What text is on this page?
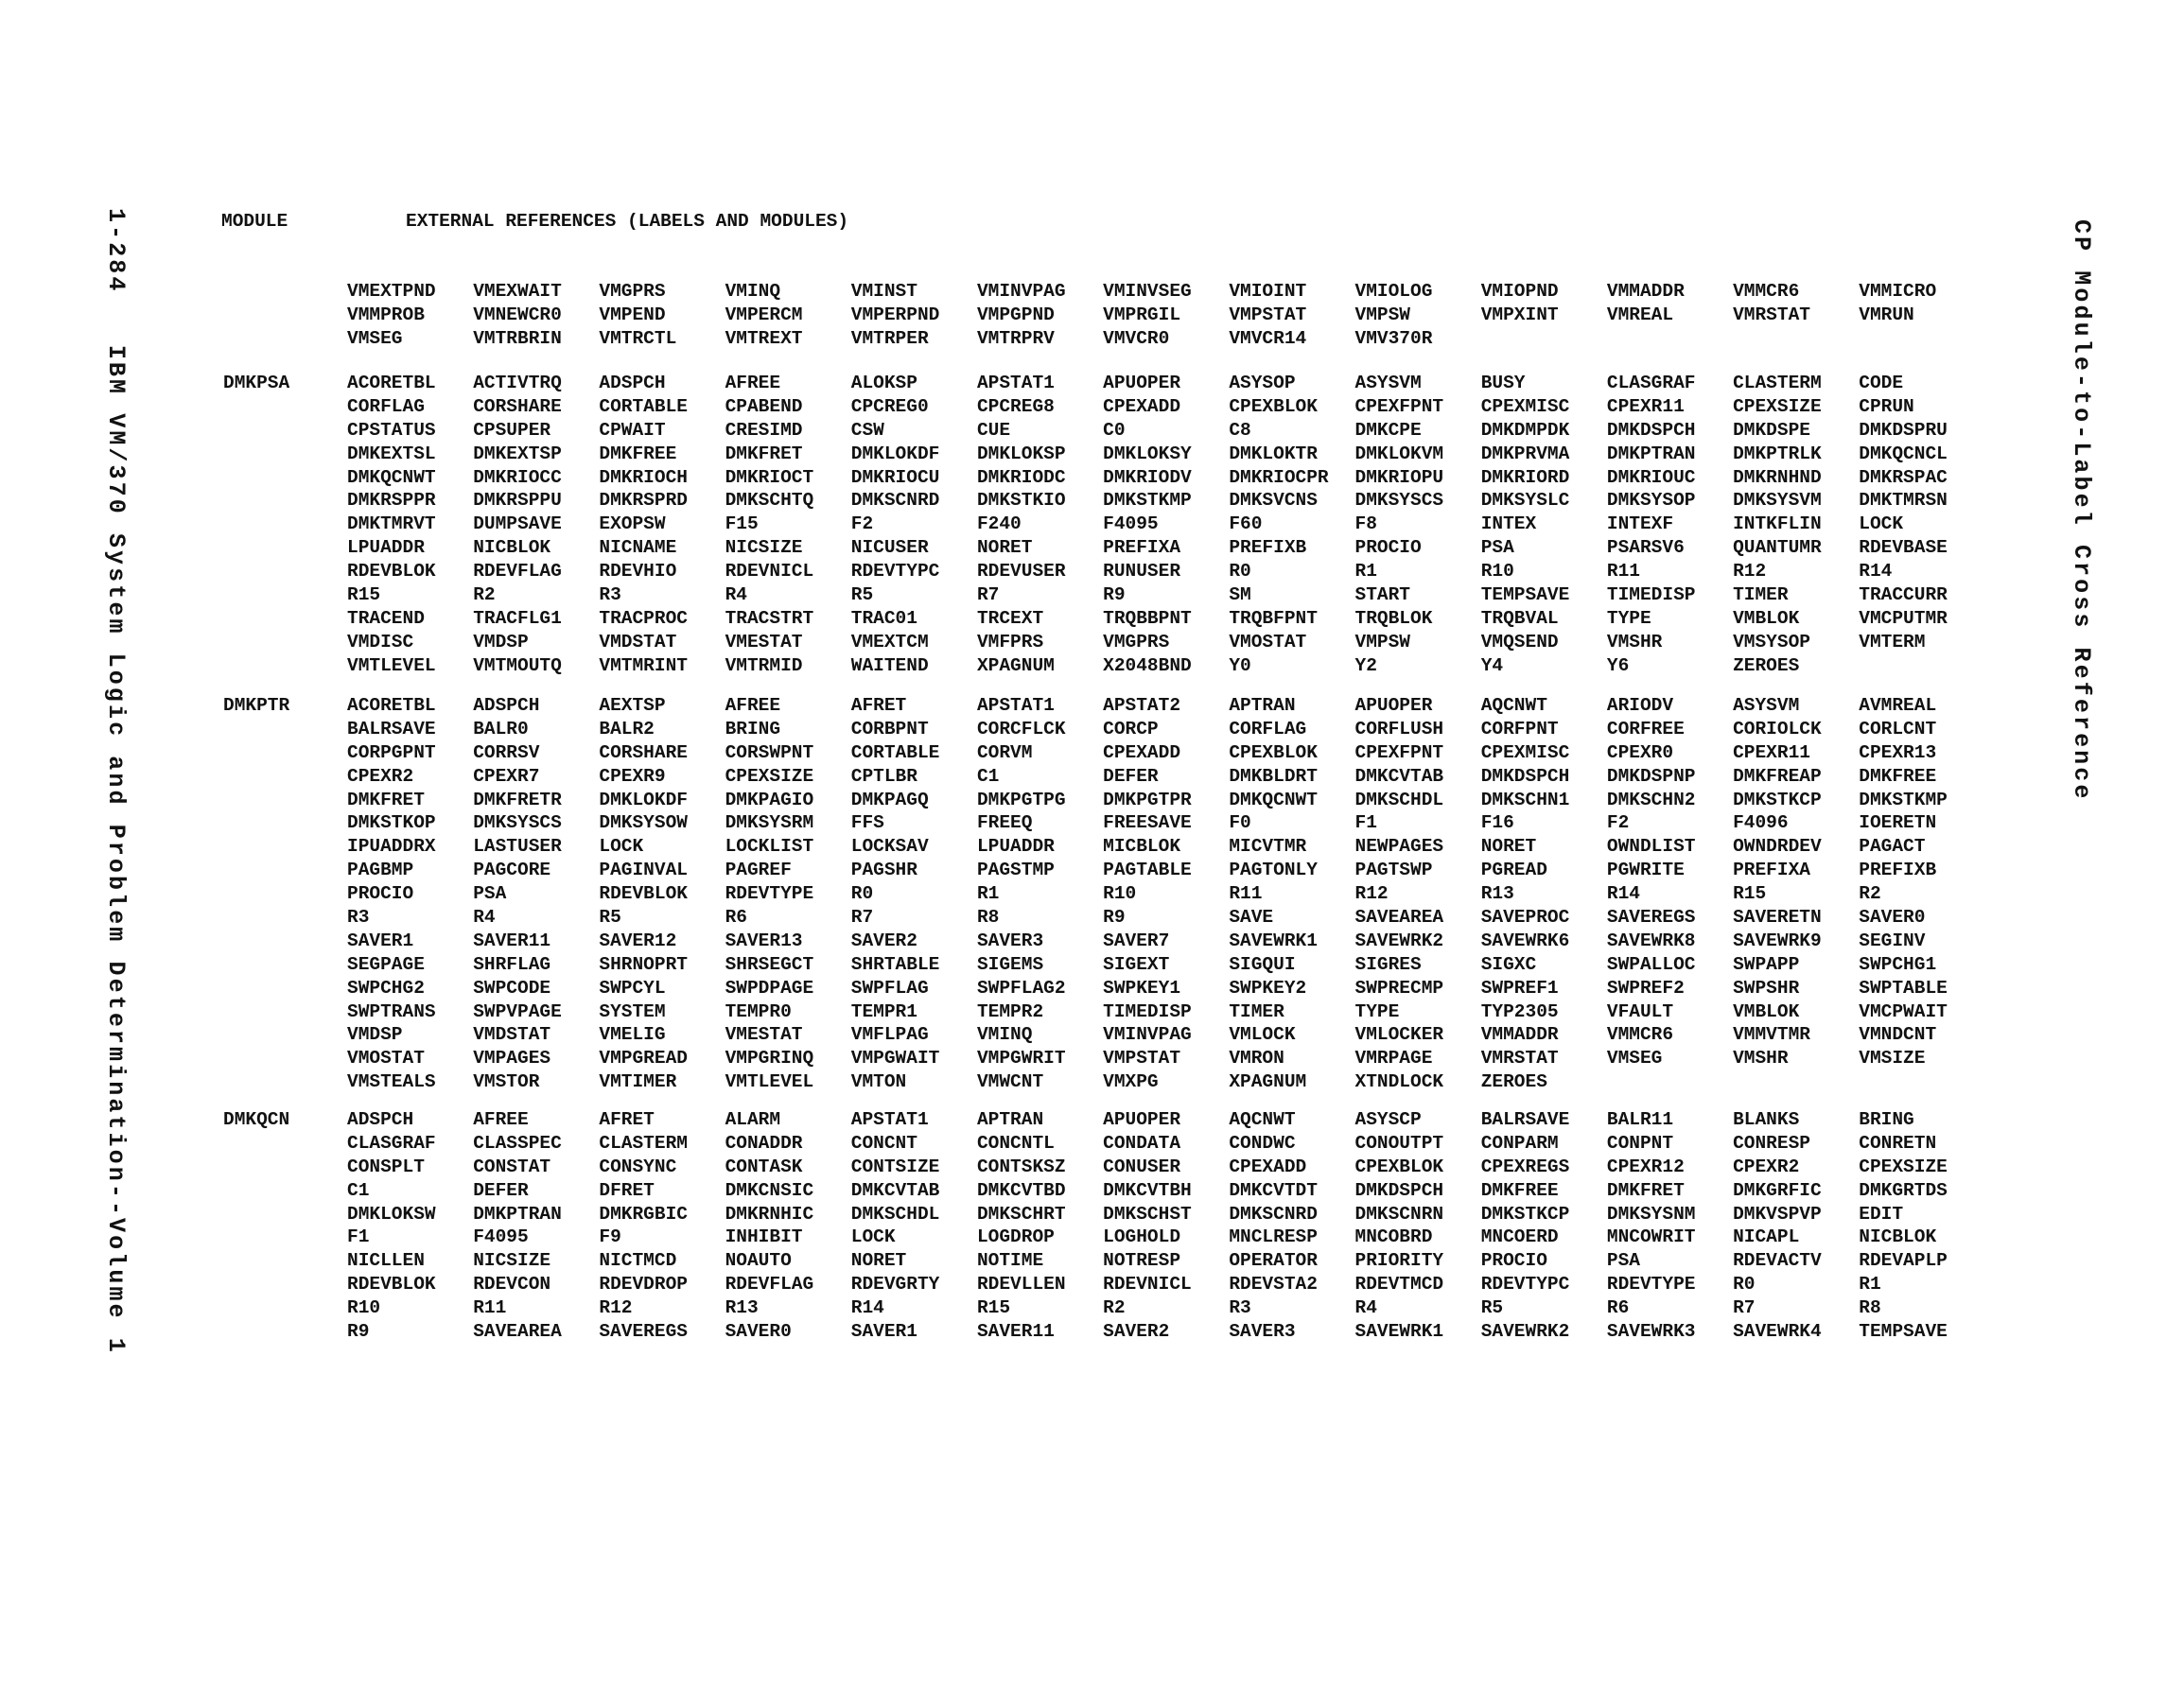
1-284   IBM VM/370 System Logic and Problem Determination--Volume 1	CP Module-to-Label Cross Reference
MODULE	EXTERNAL REFERENCES (LABELS AND MODULES)
VMEXTPND	VMEXWAIT	VMGPRS	VMINQ	VMINST	VMINVPAG	VMINVSEG	VMIOINT	VMIOLOG	VMIOPND	VMMADDR	VMMCR6	VMMICRO
VMMPROB	VMNEWCR0	VMPEND	VMPERCM	VMPERPND	VMPGPND	VMPRGIL	VMPSTAT	VMPSW	VMPXINT	VMREAL	VMRSTAT	VMRUN
VMSEG	VMTRBRIN	VMTRCTL	VMTREXT	VMTRPER	VMTRPRV	VMVCR0	VMVCR14	VMV370R
DMKPSA	ACORETBL	ACTIVTRQ	ADSPCH	AFREE	ALOKSP	APSTAT1	APUOPER	ASYSOP	ASYSVM	BUSY	CLASGRAF	CLASTERM	CODE
CORFLAG	CORSHARE	CORTABLE	CPABEND	CPCREG0	CPCREG8	CPEXADD	CPEXBLOK	CPEXFPNT	CPEXMISC	CPEXR11	CPEXSIZE	CPRUN
CPSTATUS	CPSUPER	CPWAIT	CRESIMD	CSW	CUE	C0	C8	DMKCPE	DMKDMPDK	DMKDSPCH	DMKDSPE	DMKDSPRU
DMKEXTSL	DMKEXTSP	DMKFREE	DMKFRET	DMKLOKDF	DMKLOKSP	DMKLOKSY	DMKLOKTR	DMKLOKVM	DMKPRVMA	DMKPTRAN	DMKPTRLK	DMKQCNCL
DMKQCNWT	DMKRIOCC	DMKRIOCH	DMKRIOCT	DMKRIOCU	DMKRIODC	DMKRIODV	DMKRIOCPR	DMKRIOPU	DMKRIORD	DMKRIOUC	DMKRNHND	DMKRSPAC
DMKRSPPR	DMKRSPPU	DMKRSPRD	DMKSCHTQ	DMKSCNRD	DMKSTKIO	DMKSTKMP	DMKSVCNS	DMKSYSCS	DMKSYSLC	DMKSYSOP	DMKSYSVM	DMKTMRSN
DMKTMRVT	DUMPSAVE	EXOPSW	F15	F2	F240	F4095	F60	F8	INTEX	INTEXF	INTKFLIN	LOCK
LPUADDR	NICBLOK	NICNAME	NICSIZE	NICUSER	NORET	PREFIXA	PREFIXB	PROCIO	PSA	PSARSV6	QUANTUMR	RDEVBASE
RDEVBLOK	RDEVFLAG	RDEVHIO	RDEVNICL	RDEVTYPC	RDEVUSER	RUNUSER	R0	R1	R10	R11	R12	R14
R15	R2	R3	R4	R5	R7	R9	SM	START	TEMPSAVE	TIMEDISP	TIMER	TRACCURR
TRACEND	TRACFLG1	TRACPROC	TRACSTRT	TRAC01	TRCEXT	TRQBBPNT	TRQBFPNT	TRQBLOK	TRQBVAL	TYPE	VMBLOK	VMCPUTMR
VMDISC	VMDSP	VMDSTAT	VMESTAT	VMEXTCM	VMFPRS	VMGPRS	VMOSTAT	VMPSW	VMQSEND	VMSHR	VMSYSOP	VMTERM
VMTLEVEL	VMTMOUTQ	VMTMRINT	VMTRMID	WAITEND	XPAGNUM	X2048BND	Y0	Y2	Y4	Y6	ZEROES
DMKPTR	ACORETBL	ADSPCH	AEXTSP	AFREE	AFRET	APSTAT1	APSTAT2	APTRAN	APUOPER	AQCNWT	ARIODV	ASYSVM	AVMREAL
BALRSAVE	BALR0	BALR2	BRING	CORBPNT	CORCFLCK	CORCP	CORFLAG	CORFLUSH	CORFPNT	CORFREE	CORIOLCK	CORLCNT
CORPGPNT	CORRSV	CORSHARE	CORSWPNT	CORTABLE	CORVM	CPEXADD	CPEXBLOK	CPEXFPNT	CPEXMISC	CPEXR0	CPEXR11	CPEXR13
CPEXR2	CPEXR7	CPEXR9	CPEXSIZE	CPTLBR	C1	DEFER	DMKBLDRT	DMKCVTAB	DMKDSPCH	DMKDSPNP	DMKFREAP	DMKFREE
DMKFRET	DMKFRETR	DMKLOKDF	DMKPAGIO	DMKPAGQ	DMKPGTPG	DMKPGTPR	DMKQCNWT	DMKSCHDL	DMKSCHN1	DMKSCHN2	DMKSTKCP	DMKSTKMP
DMKSTKOP	DMKSYSCS	DMKSYSOW	DMKSYSRM	FFS	FREEQ	FREESAVE	F0	F1	F16	F2	F4096	IOERETN
IPUADDRX	LASTUSER	LOCK	LOCKLIST	LOCKSAV	LPUADDR	MICBLOK	MICVTMR	NEWPAGES	NORET	OWNDLIST	OWNDRDEV	PAGACT
PAGBMP	PAGCORE	PAGINVAL	PAGREF	PAGSHR	PAGSTMP	PAGTABLE	PAGTONLY	PAGTSWP	PGREAD	PGWRITE	PREFIXA	PREFIXB
PROCIO	PSA	RDEVBLOK	RDEVTYPE	R0	R1	R10	R11	R12	R13	R14	R15	R2
R3	R4	R5	R6	R7	R8	R9	SAVE	SAVEAREA	SAVEPROC	SAVEREGS	SAVERETN	SAVER0
SAVER1	SAVER11	SAVER12	SAVER13	SAVER2	SAVER3	SAVER7	SAVEWRK1	SAVEWRK2	SAVEWRK6	SAVEWRK8	SAVEWRK9	SEGINV
SEGPAGE	SHRFLAG	SHRNOPRT	SHRSEGCT	SHRTABLE	SIGEMS	SIGEXT	SIGQUI	SIGRES	SIGXC	SWPALLOC	SWPAPP	SWPCHG1
SWPCHG2	SWPCODE	SWPCYL	SWPDPAGE	SWPFLAG	SWPFLAG2	SWPKEY1	SWPKEY2	SWPRECMP	SWPREF1	SWPREF2	SWPSHR	SWPTABLE
SWPTRANS	SWPVPAGE	SYSTEM	TEMPR0	TEMPR1	TEMPR2	TIMEDISP	TIMER	TYPE	TYP2305	VFAULT	VMBLOK	VMCPWAIT
VMDSP	VMDSTAT	VMELIG	VMESTAT	VMFLPAG	VMINQ	VMINVPAG	VMLOCK	VMLOCKER	VMMADDR	VMMCR6	VMMVTMR	VMNDCNT
VMOSTAT	VMPAGES	VMPGREAD	VMPGRINQ	VMPGWAIT	VMPGWRIT	VMPSTAT	VMRON	VMRPAGE	VMRSTAT	VMSEG	VMSHR	VMSIZE
VMSTEALS	VMSTOR	VMTIMER	VMTLEVEL	VMTON	VMWCNT	VMXPG	XPAGNUM	XTNDLOCK	ZEROES
DMKQCN	ADSPCH	AFREE	AFRET	ALARM	APSTAT1	APTRAN	APUOPER	AQCNWT	ASYSCP	BALRSAVE	BALR11	BLANKS	BRING
CLASGRAF	CLASSPEC	CLASTERM	CONADDR	CONCNT	CONCNTL	CONDATA	CONDWC	CONOUTPT	CONPARM	CONPNT	CONRESP	CONRETN
CONSPLT	CONSTAT	CONSYNC	CONTASK	CONTSIZE	CONTSKSZ	CONUSER	CPEXADD	CPEXBLOK	CPEXREGS	CPEXR12	CPEXR2	CPEXSIZE
C1	DEFER	DFRET	DMKCNSIC	DMKCVTAB	DMKCVTBD	DMKCVTBH	DMKCVTDT	DMKDSPCH	DMKFREE	DMKFRET	DMKGRFIC	DMKGRTDS
DMKLOKSW	DMKPTRAN	DMKRGBIC	DMKRNHIC	DMKSCHDL	DMKSCHRT	DMKSCHST	DMKSCNRD	DMKSCNRN	DMKSTKCP	DMKSYSNM	DMKVSPVP	EDIT
F1	F4095	F9	INHIBIT	LOCK	LOGDROP	LOGHOLD	MNCLRESP	MNCOBRD	MNCOERD	MNCOWRIT	NICAPL	NICBLOK
NICLLEN	NICSIZE	NICTMCD	NOAUTO	NORET	NOTIME	NOTRESP	OPERATOR	PRIORITY	PROCIO	PSA	RDEVACTV	RDEVAPLP
RDEVBLOK	RDEVCON	RDEVDROP	RDEVFLAG	RDEVGRTY	RDEVLLEN	RDEVNICL	RDEVSTA2	RDEVTMCD	RDEVTYPC	RDEVTYPE	R0	R1
R10	R11	R12	R13	R14	R15	R2	R3	R4	R5	R6	R7	R8
R9	SAVEAREA	SAVEREGS	SAVER0	SAVER1	SAVER11	SAVER2	SAVER3	SAVEWRK1	SAVEWRK2	SAVEWRK3	SAVEWRK4	TEMPSAVE
